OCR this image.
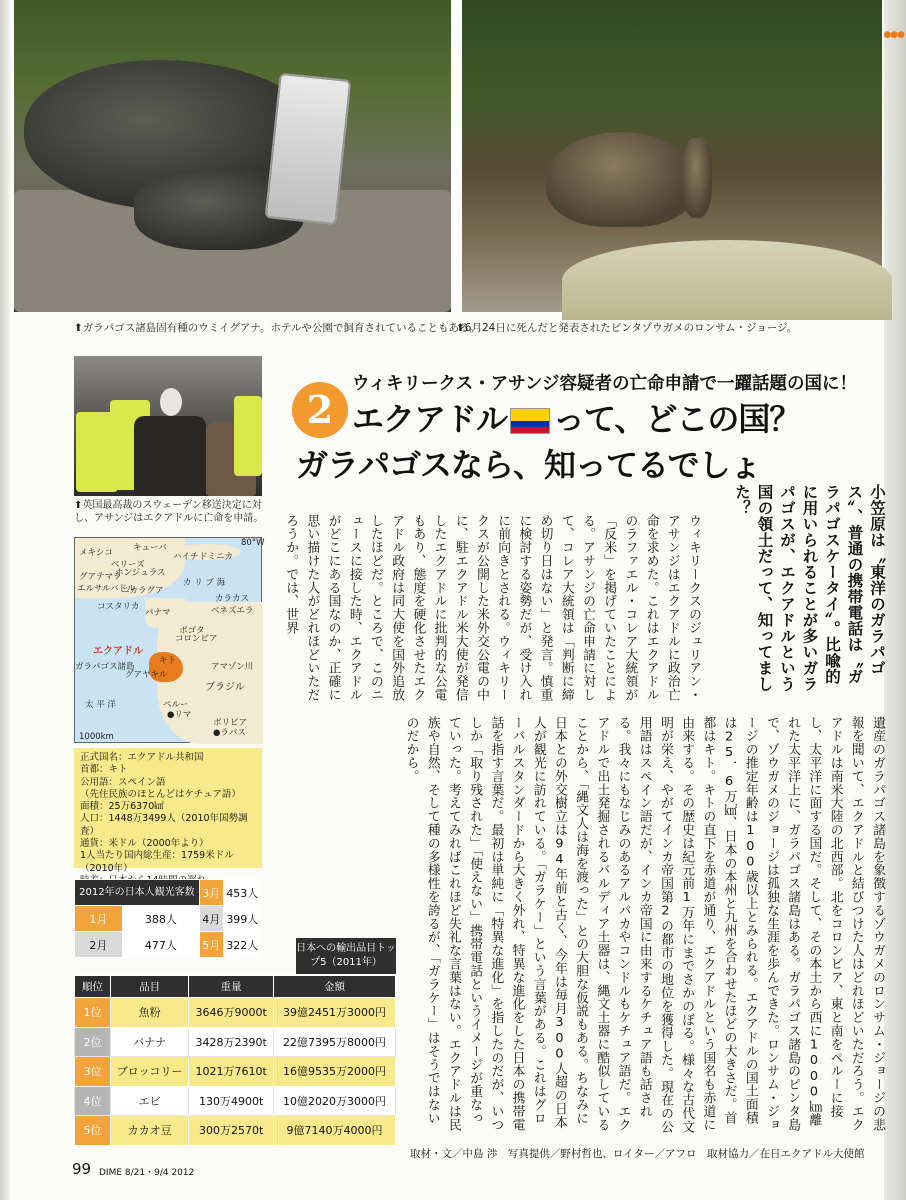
●●●
⬆ガラパゴス諸島固有種のウミイグアナ。ホテルや公園で飼育されていることもある。
⬆6月24日に死んだと発表されたピンタゾウガメのロンサム・ジョージ。
⬆英国最高裁のスウェーデン移送決定に対し、アサンジはエクアドルに亡命を申請。
メキシコ キューバ
ハイチ ドミニカ
80°W
ベリーズ
ホンジュラス
グアテマラ
ニカラグア
エルサルバドル
カ リ ブ 海
コスタリカ
パナマ
カラカス
ベネズエラ
ボゴタ
コロンビア
エクアドル
キト
ガラパゴス諸島
グアヤキル
アマゾン川
ブラジル
太 平 洋	ペルー
●リマ
ボリビア
●ラパス
1000km
正式国名：エクアドル共和国
首都：キト
公用語：スペイン語
（先住民族のほとんどはケチュア語）
面積：25万6370㎢
人口：1448万3499人（2010年国勢調査）
通貨：米ドル（2000年より）
1人当たり国内総生産：1759米ドル（2010年）
2012年の日本人観光客数		3月	453人
1月	388人	4月	399人
2月	477人	5月	322人	日本への輸出品目トップ5（2011年）
順位	品目	重量	金額
1位	魚粉	3646万9000t	39億2451万3000円
2位	バナナ	3428万2390t	22億7395万8000円
3位	ブロッコリー	1021万7610t	16億9535万2000円
4位	エビ	130万4900t	10億2020万3000円
5位	カカオ豆	300万2570t	9億7140万4000円
2
ウィキリークス・アサンジ容疑者の亡命申請で一躍話題の国に！
エクアドル って、どこの国？
ガラパゴスなら、知ってるでしょ
小笠原は〝東洋のガラパゴス〟、普通の携帯電話は〝ガラパゴスケータイ〟。比喩的に用いられることが多いガラパゴスが、エクアドルという国の領土だって、知ってました？
ウィキリークスのジュリアン・アサンジはエクアドルに政治亡命を求めた。これはエクアドルのラファエル・コレア大統領が「反米」を掲げていたことによる。アサンジの亡命申請に対して、コレア大統領は「判断に締め切り日はない」と発言。慎重に検討する姿勢だが、受け入れに前向きとされる。ウィキリークスが公開した米外交公電の中に、駐エクアドル米大使が発信したエクアドルに批判的な公電もあり、態度を硬化させたエクアドル政府は同大使を国外追放したほどだ。ところで、このニュースに接した時、エクアドルがどこにある国なのか、正確に思い描けた人がどれほどいただろうか。では、世界
遺産のガラパゴス諸島を象徴するゾウガメのロンサム・ジョージの悲報を聞いて、エクアドルと結びつけた人はどれほどいただろう。エクアドルは南米大陸の北西部。北をコロンビア、東と南をペルーに接し、太平洋に面する国だ。そして、その本土から西に1000㎞離れた太平洋上に、ガラパゴス諸島はある。ガラパゴス諸島のピンタ島で、ゾウガメのジョージは孤独な生涯を歩んできた。ロンサム・ジョージの推定年齢は100歳以上とみられる。エクアドルの国土面積は25．6万㎢、日本の本州と九州を合わせたほどの大きさだ。首都はキト。キトの直下を赤道が通り、エクアドルという国名も赤道に由来する。その歴史は紀元前1万年にまでさかのぼる。様々な古代文明が栄え、やがてインカ帝国第2の都市の地位を獲得した。現在の公用語はスペイン語だが、インカ帝国に由来するケチュア語も話される。我々にもなじみのあるアルパカやコンドルもケチュア語だ。エクアドルで出土発掘されるバルディア土器は、縄文土器に酷似していることから、「縄文人は海を渡った」との大胆な仮説もある。ちなみに日本との外交樹立は94年前と古く、今年は毎月300人超の日本人が観光に訪れている。「ガラケー」という言葉がある。これはグローバルスタンダードから大きく外れ、特異な進化をした日本の携帯電話を指す言葉だ。最初は単純に「特異な進化」を指したのだが、いつしか「取り残された」「使えない」携帯電話というイメージが重なっていった。考えてみればこれほど失礼な言葉はない。エクアドルは民族や自然、そして種の多様性を誇るが、「ガラケー」はそうではないのだから。
取材・文／中島 渉　写真提供／野村哲也、ロイター／アフロ　取材協力／在日エクアドル大使館
99 DIME 8/21・9/4 2012
